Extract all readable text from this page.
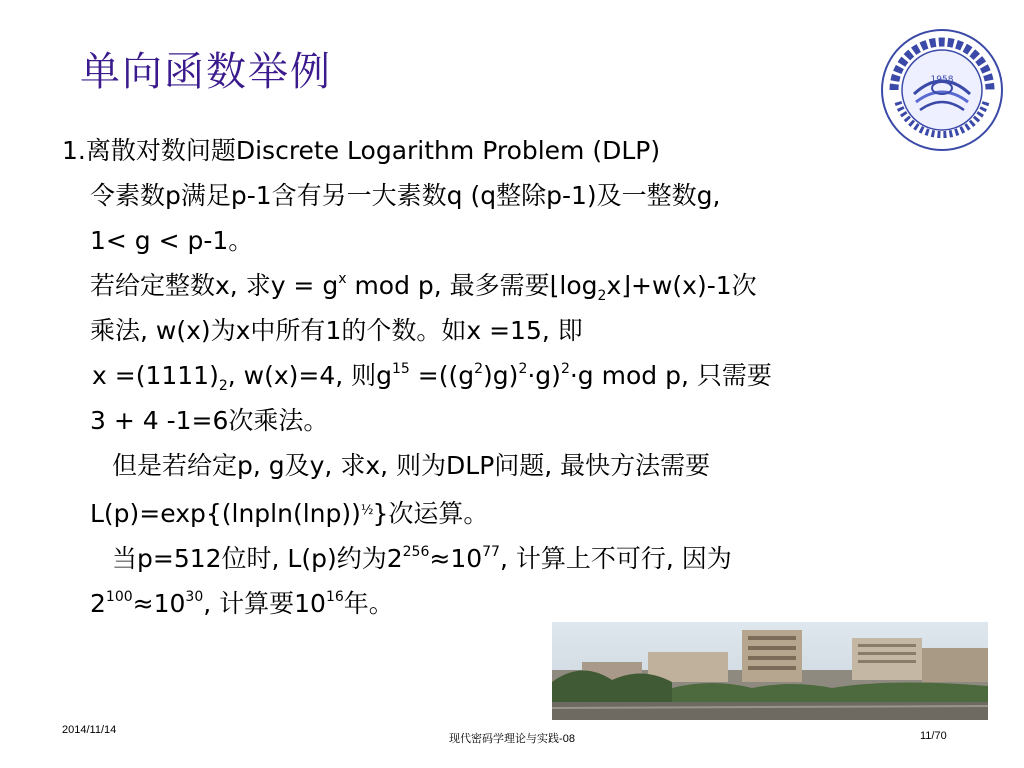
单向函数举例	1958
1.离散对数问题Discrete Logarithm Problem (DLP)
令素数p满足p-1含有另一大素数q (q整除p-1)及一整数g,
1< g < p-1。
若给定整数x, 求$y = g^x$ mod p, 最多需要$⌊\log_2x⌋+w(x)-1$次
乘法, w(x)为x中所有1的个数。如x =15, 即
$x =(1111)_2$, w(x)=4, 则$g^{15} =((g^2)g)^2\cdot g)^2\cdot g$ mod p, 只需要
3 + 4 -1=6次乘法。
但是若给定p, g及y, 求x, 则为DLP问题, 最快方法需要
$L(p)=\exp\{(lnpln(\ln p))^{\frac{1}{2}}\}$次运算。
当p=512位时, L(p)约为$2^{256}\approx 10^{77}$, 计算上不可行, 因为
$2^{100}\approx 10^{30}$, 计算要$10^{16}$年。
2014/11/14
现代密码学理论与实践-08	11/70
